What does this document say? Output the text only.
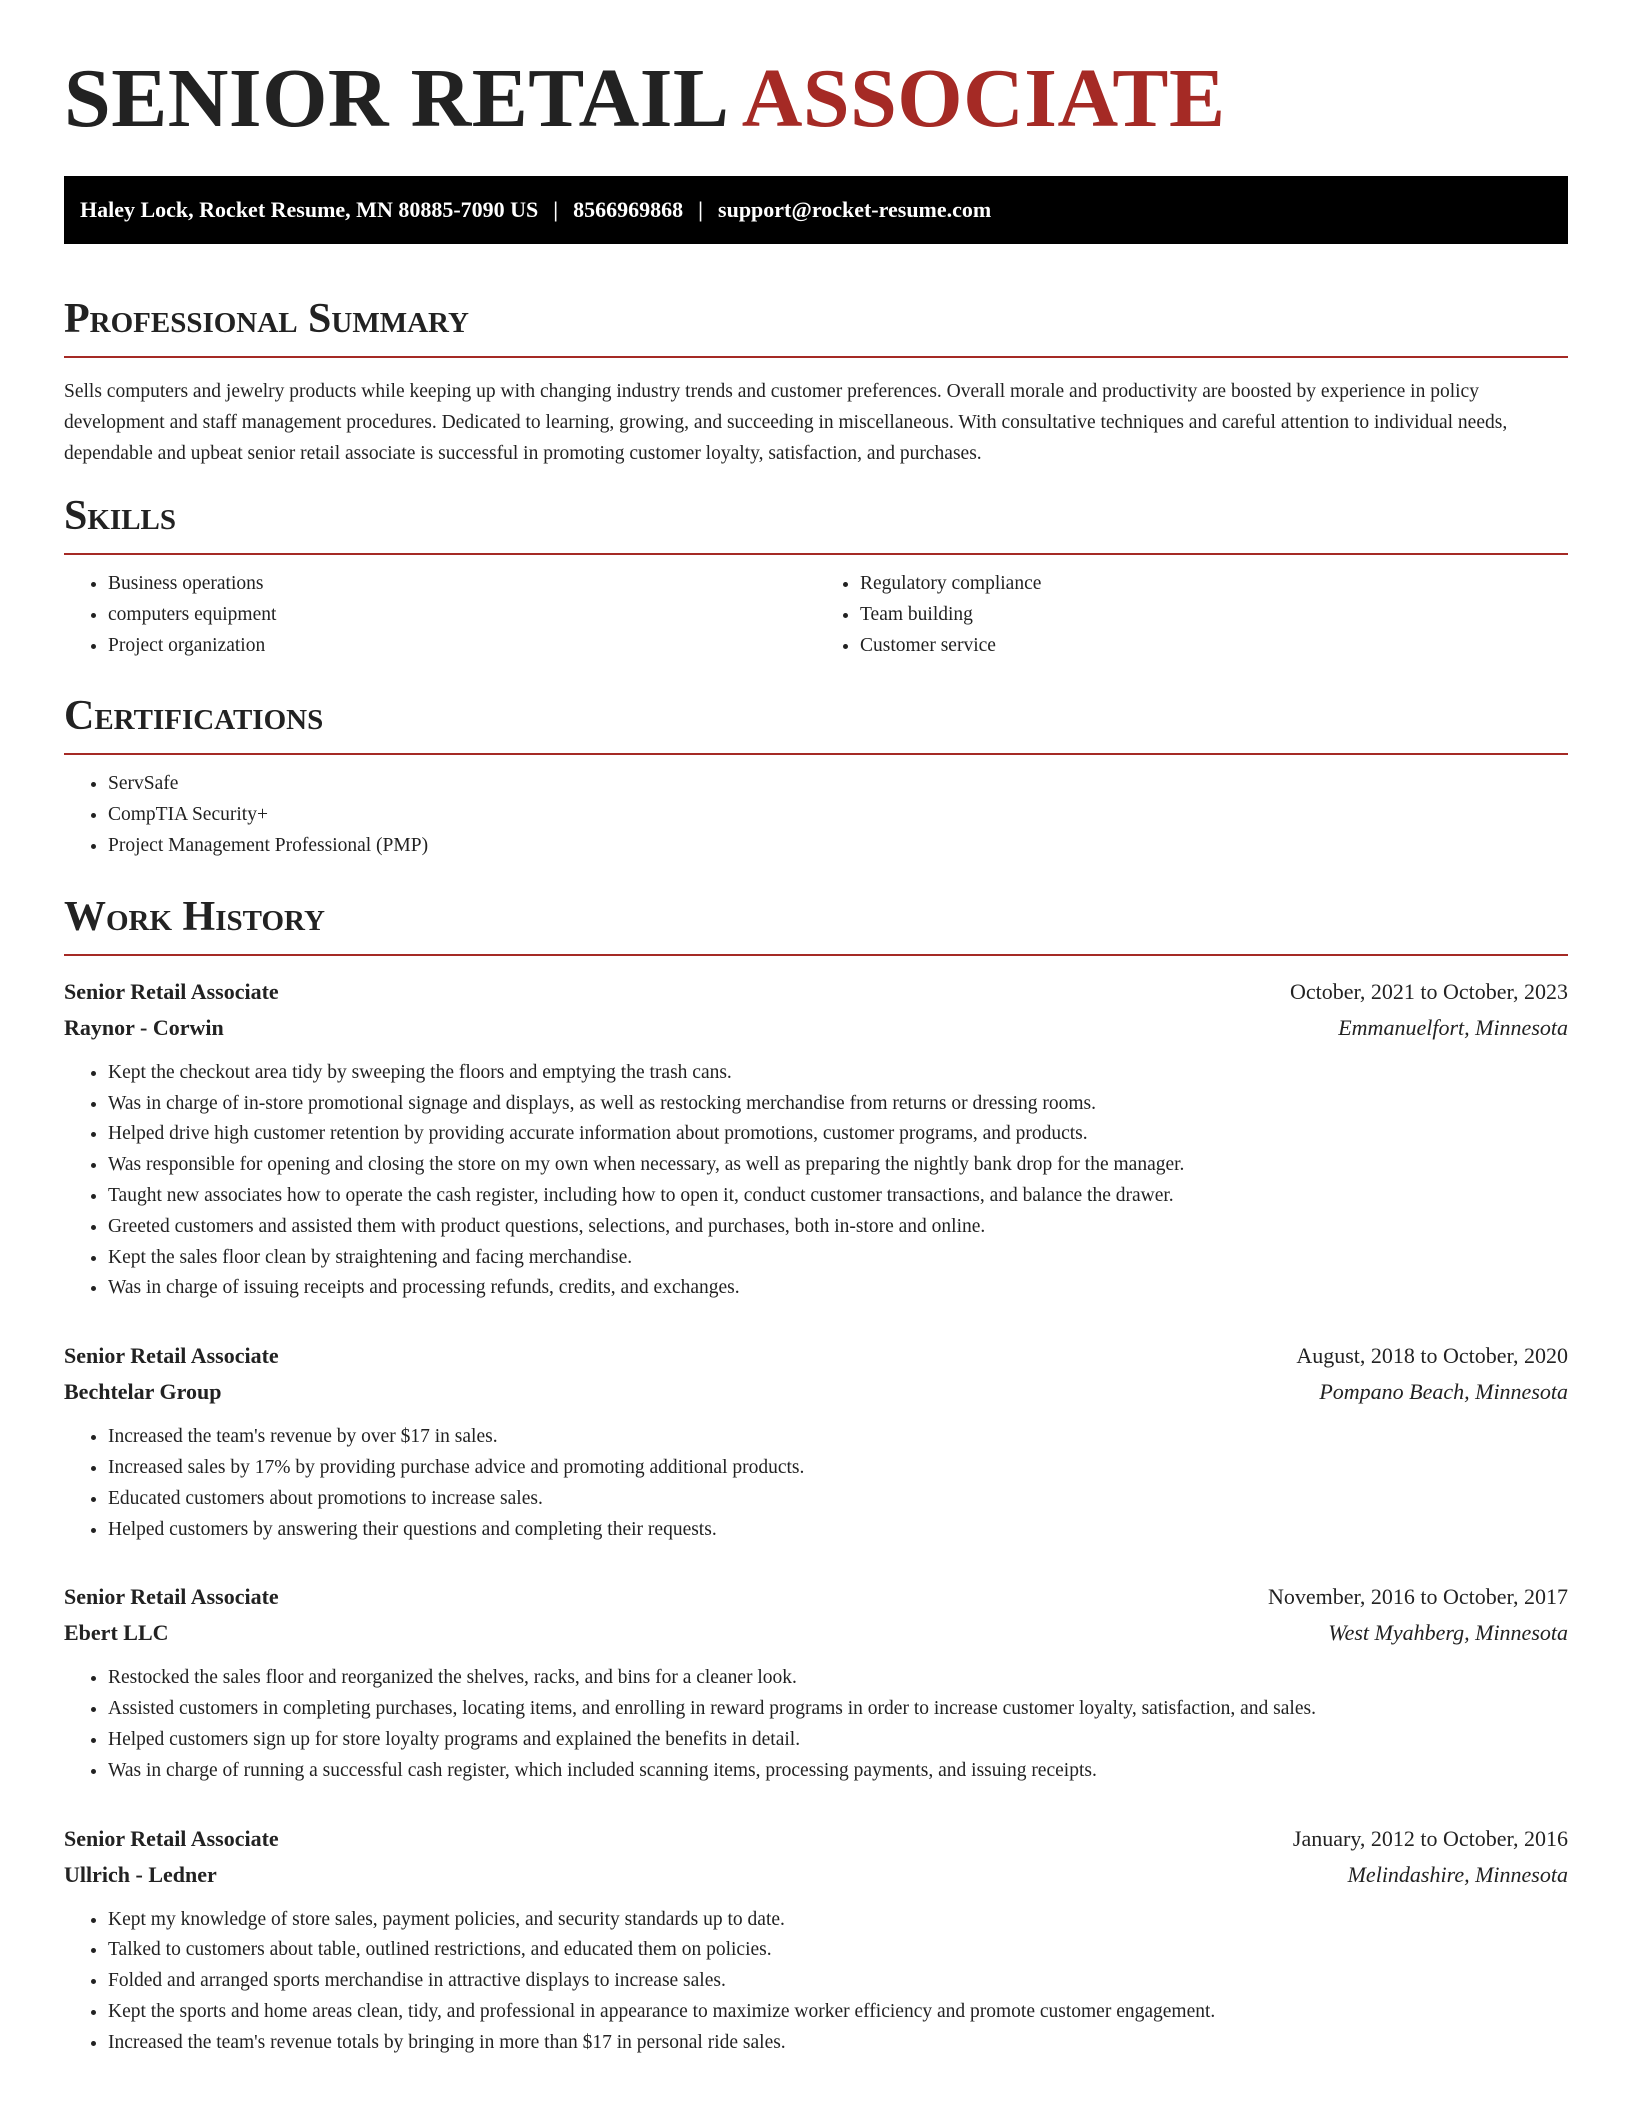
SENIOR RETAIL ASSOCIATE
Haley Lock, Rocket Resume, MN 80885-7090 US | 8566969868 | support@rocket-resume.com
Professional Summary

Sells computers and jewelry products while keeping up with changing industry trends and customer preferences. Overall morale and productivity are boosted by experience in policy development and staff management procedures. Dedicated to learning, growing, and succeeding in miscellaneous. With consultative techniques and careful attention to individual needs, dependable and upbeat senior retail associate is successful in promoting customer loyalty, satisfaction, and purchases.

Skills
• Business operations
• computers equipment
• Project organization
• Regulatory compliance
• Team building
• Customer service
Certifications
• ServSafe
• CompTIA Security+
• Project Management Professional (PMP)
Work History
Senior Retail Associate	October, 2021 to October, 2023
Raynor - Corwin	Emmanuelfort, Minnesota
• Kept the checkout area tidy by sweeping the floors and emptying the trash cans.
• Was in charge of in-store promotional signage and displays, as well as restocking merchandise from returns or dressing rooms.
• Helped drive high customer retention by providing accurate information about promotions, customer programs, and products.
• Was responsible for opening and closing the store on my own when necessary, as well as preparing the nightly bank drop for the manager.
• Taught new associates how to operate the cash register, including how to open it, conduct customer transactions, and balance the drawer.
• Greeted customers and assisted them with product questions, selections, and purchases, both in-store and online.
• Kept the sales floor clean by straightening and facing merchandise.
• Was in charge of issuing receipts and processing refunds, credits, and exchanges.
Senior Retail Associate	August, 2018 to October, 2020
Bechtelar Group	Pompano Beach, Minnesota
• Increased the team's revenue by over $17 in sales.
• Increased sales by 17% by providing purchase advice and promoting additional products.
• Educated customers about promotions to increase sales.
• Helped customers by answering their questions and completing their requests.
Senior Retail Associate	November, 2016 to October, 2017
Ebert LLC	West Myahberg, Minnesota
• Restocked the sales floor and reorganized the shelves, racks, and bins for a cleaner look.
• Assisted customers in completing purchases, locating items, and enrolling in reward programs in order to increase customer loyalty, satisfaction, and sales.
• Helped customers sign up for store loyalty programs and explained the benefits in detail.
• Was in charge of running a successful cash register, which included scanning items, processing payments, and issuing receipts.
Senior Retail Associate	January, 2012 to October, 2016
Ullrich - Ledner	Melindashire, Minnesota
• Kept my knowledge of store sales, payment policies, and security standards up to date.
• Talked to customers about table, outlined restrictions, and educated them on policies.
• Folded and arranged sports merchandise in attractive displays to increase sales.
• Kept the sports and home areas clean, tidy, and professional in appearance to maximize worker efficiency and promote customer engagement.
• Increased the team's revenue totals by bringing in more than $17 in personal ride sales.
